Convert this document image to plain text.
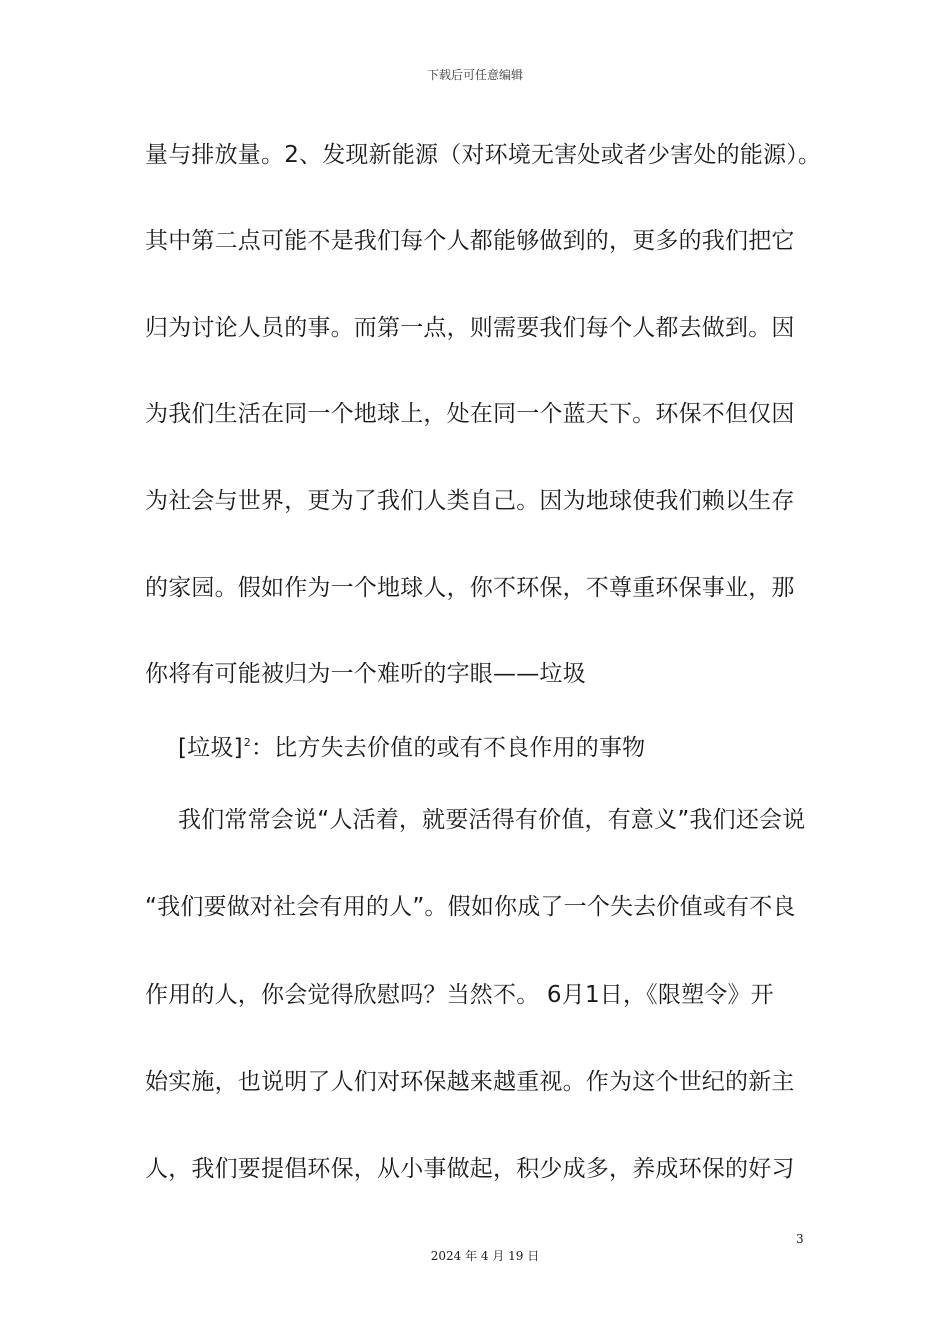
下载后可任意编辑
量与排放量。2、发现新能源（对环境无害处或者少害处的能源）。
其中第二点可能不是我们每个人都能够做到的，更多的我们把它
归为讨论人员的事。而第一点，则需要我们每个人都去做到。因
为我们生活在同一个地球上，处在同一个蓝天下。环保不但仅因
为社会与世界，更为了我们人类自己。因为地球使我们赖以生存
的家园。假如作为一个地球人，你不环保，不尊重环保事业，那
你将有可能被归为一个难听的字眼——垃圾
[垃圾]$^2$：比方失去价值的或有不良作用的事物
我们常常会说“人活着，就要活得有价值，有意义”我们还会说
“我们要做对社会有用的人”。假如你成了一个失去价值或有不良
作用的人，你会觉得欣慰吗？当然不。 6月1日，《限塑令》开
始实施，也说明了人们对环保越来越重视。作为这个世纪的新主
人，我们要提倡环保，从小事做起，积少成多，养成环保的好习
3
2024 年 4 月 19 日
